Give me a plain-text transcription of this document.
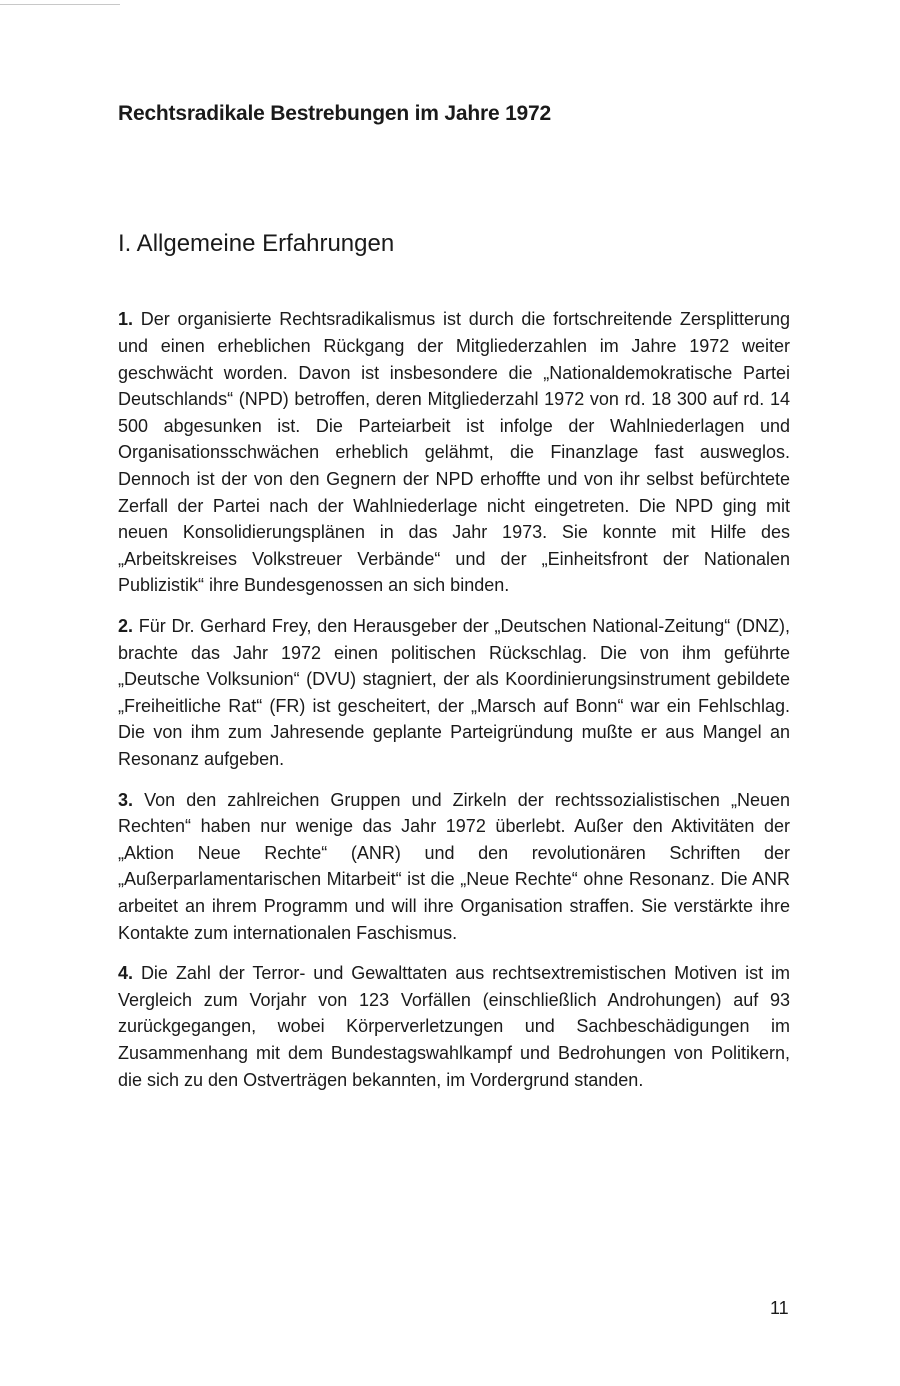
Rechtsradikale Bestrebungen im Jahre 1972
I. Allgemeine Erfahrungen

1. Der organisierte Rechtsradikalismus ist durch die fortschreitende Zersplitterung und einen erheblichen Rückgang der Mitgliederzahlen im Jahre 1972 weiter geschwächt worden. Davon ist insbesondere die „Nationaldemokratische Partei Deutschlands“ (NPD) betroffen, deren Mitgliederzahl 1972 von rd. 18 300 auf rd. 14 500 abgesunken ist. Die Parteiarbeit ist infolge der Wahlniederlagen und Organisationsschwächen erheblich gelähmt, die Finanzlage fast ausweglos. Dennoch ist der von den Gegnern der NPD erhoffte und von ihr selbst befürchtete Zerfall der Partei nach der Wahlniederlage nicht eingetreten. Die NPD ging mit neuen Konsolidierungsplänen in das Jahr 1973. Sie konnte mit Hilfe des „Arbeitskreises Volkstreuer Verbände“ und der „Einheitsfront der Nationalen Publizistik“ ihre Bundesgenossen an sich binden.

2. Für Dr. Gerhard Frey, den Herausgeber der „Deutschen National-Zeitung“ (DNZ), brachte das Jahr 1972 einen politischen Rückschlag. Die von ihm geführte „Deutsche Volksunion“ (DVU) stagniert, der als Koordinierungsinstrument gebildete „Freiheitliche Rat“ (FR) ist gescheitert, der „Marsch auf Bonn“ war ein Fehlschlag. Die von ihm zum Jahresende geplante Parteigründung mußte er aus Mangel an Resonanz aufgeben.

3. Von den zahlreichen Gruppen und Zirkeln der rechtssozialistischen „Neuen Rechten“ haben nur wenige das Jahr 1972 überlebt. Außer den Aktivitäten der „Aktion Neue Rechte“ (ANR) und den revolutionären Schriften der „Außerparlamentarischen Mitarbeit“ ist die „Neue Rechte“ ohne Resonanz. Die ANR arbeitet an ihrem Programm und will ihre Organisation straffen. Sie verstärkte ihre Kontakte zum internationalen Faschismus.

4. Die Zahl der Terror- und Gewalttaten aus rechtsextremistischen Motiven ist im Vergleich zum Vorjahr von 123 Vorfällen (einschließlich Androhungen) auf 93 zurückgegangen, wobei Körperverletzungen und Sachbeschädigungen im Zusammenhang mit dem Bundestagswahlkampf und Bedrohungen von Politikern, die sich zu den Ostverträgen bekannten, im Vordergrund standen.

11
